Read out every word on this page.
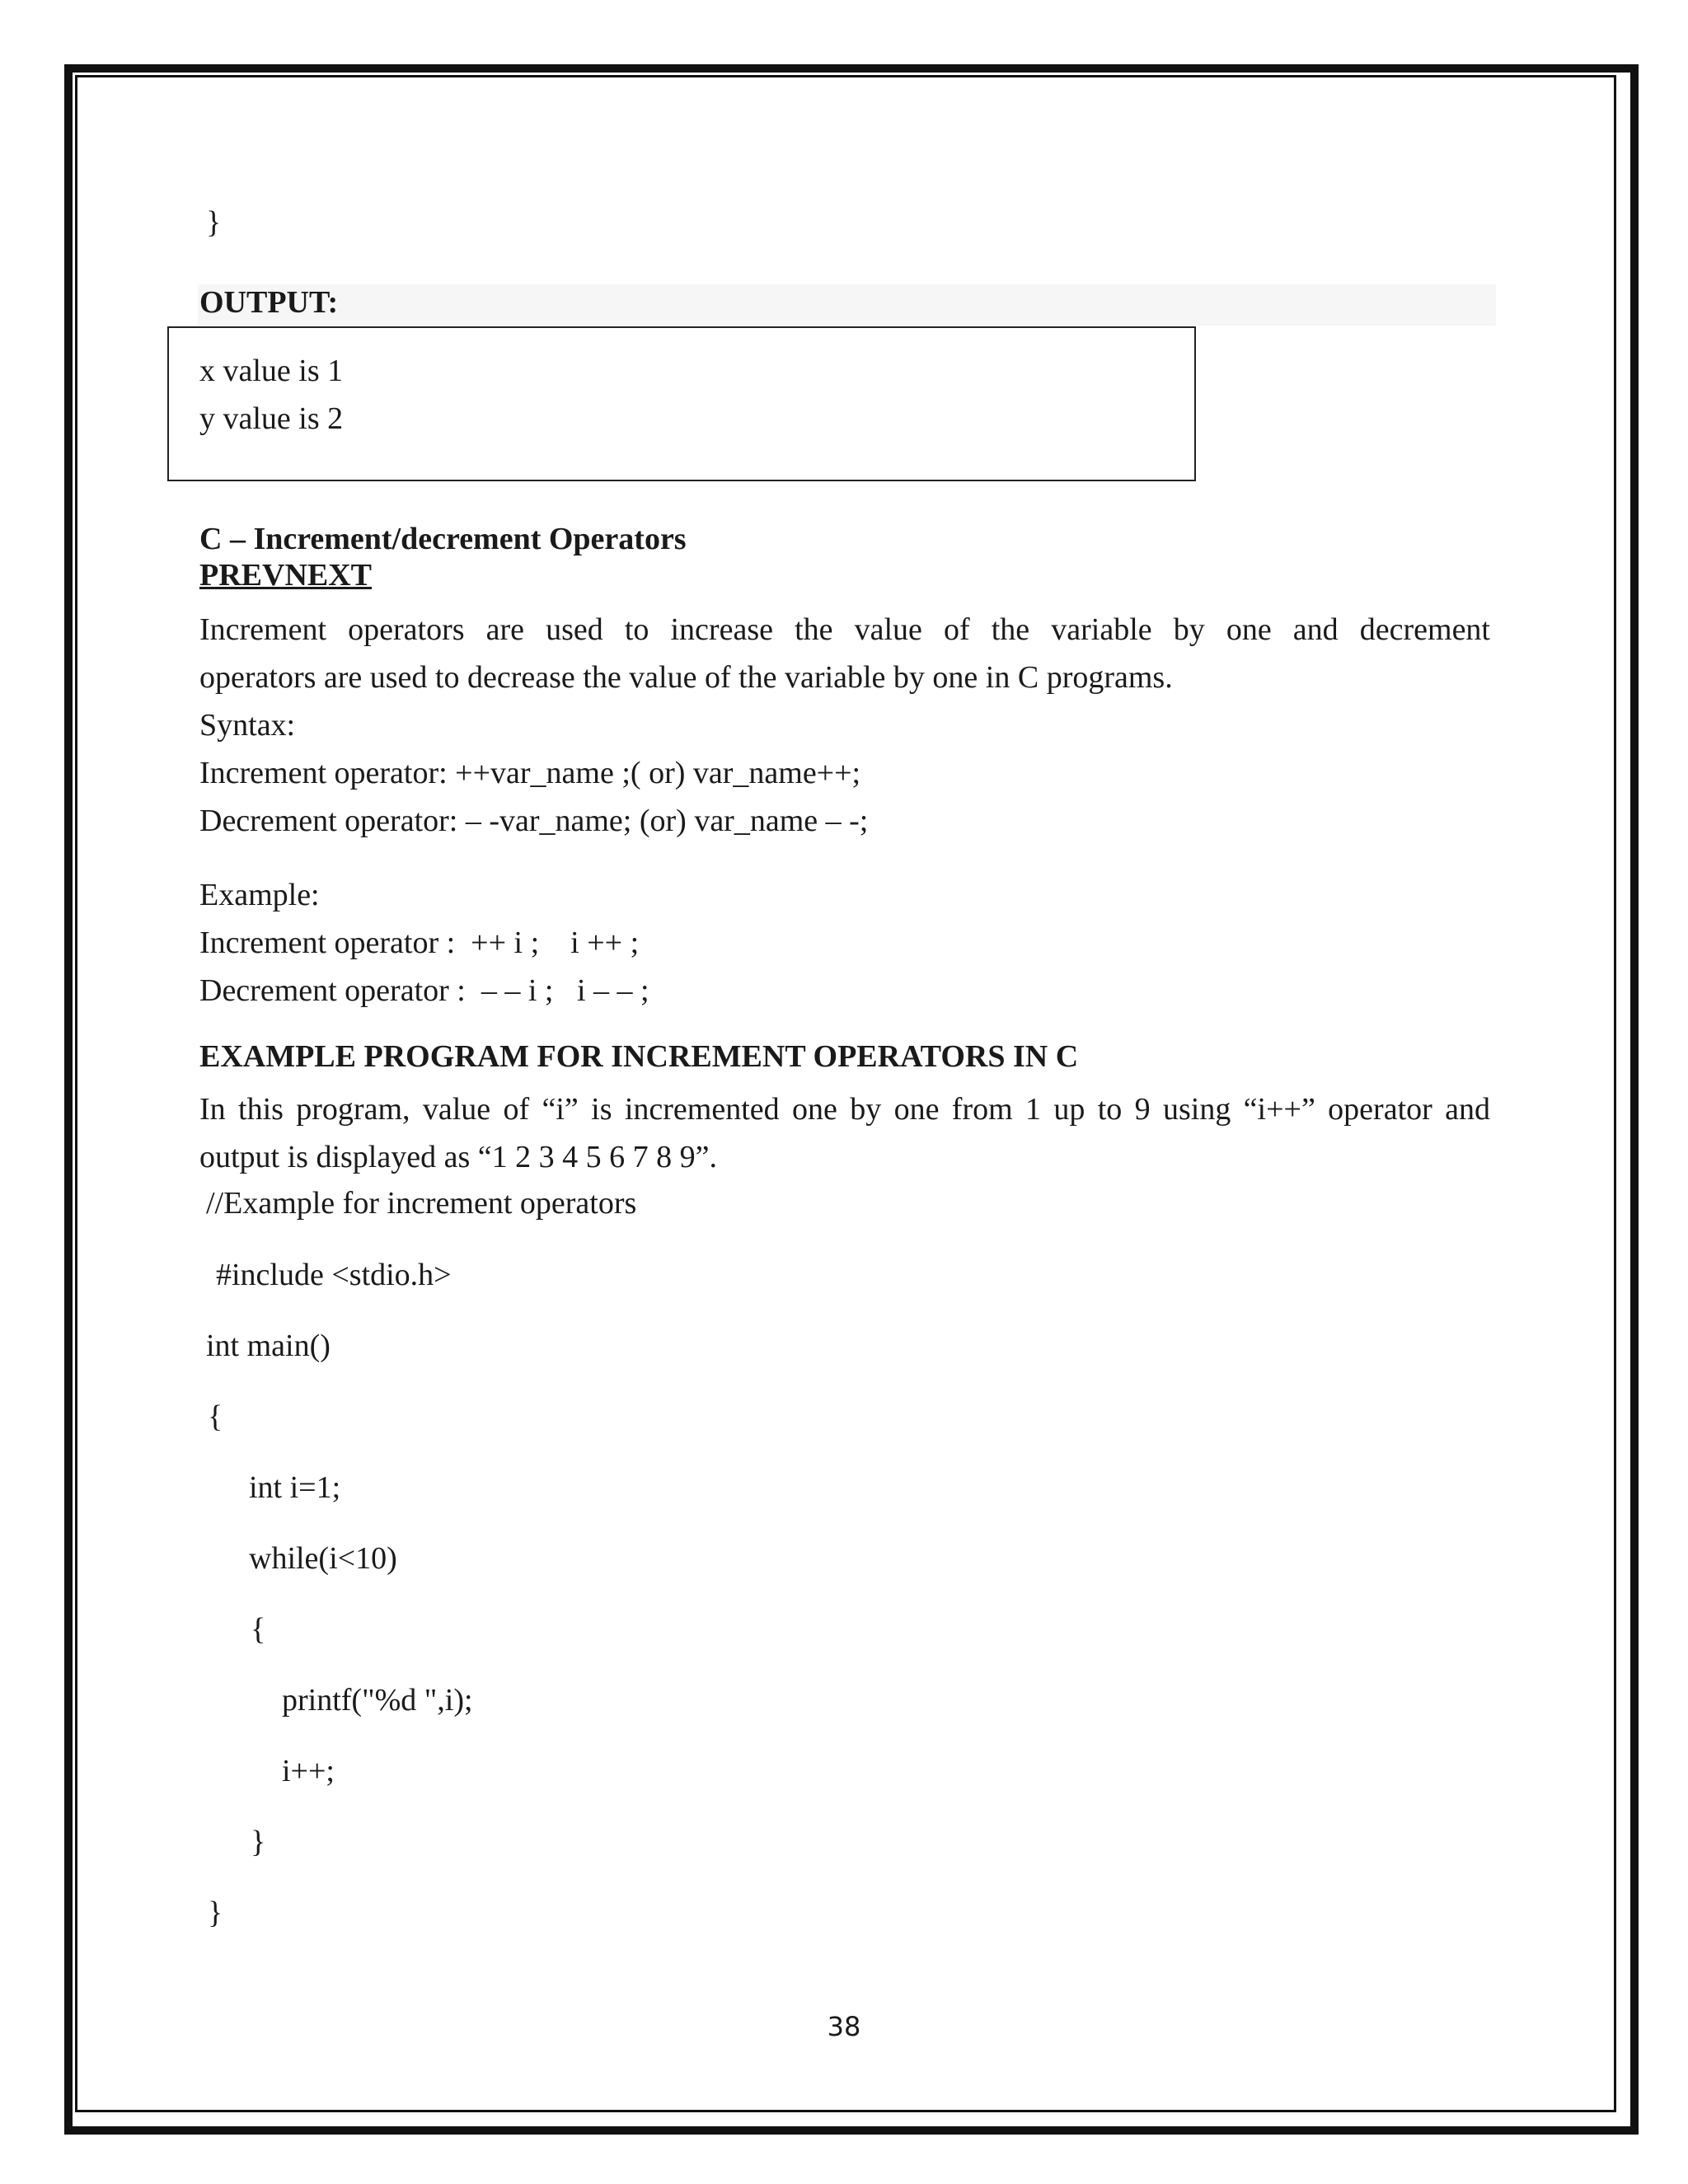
}
OUTPUT:
x value is 1
y value is 2
C – Increment/decrement Operators
PREVNEXT
Increment operators are used to increase the value of the variable by one and decrement
operators are used to decrease the value of the variable by one in C programs.
Syntax:
Increment operator: ++var_name ;( or) var_name++;
Decrement operator: – -var_name; (or) var_name – -;
Example:
Increment operator :  ++ i ;    i ++ ;
Decrement operator :  – – i ;   i – – ;
EXAMPLE PROGRAM FOR INCREMENT OPERATORS IN C
In this program, value of “i” is incremented one by one from 1 up to 9 using “i++” operator and
output is displayed as “1 2 3 4 5 6 7 8 9”.
//Example for increment operators
#include <stdio.h>
int main()
{
int i=1;
while(i<10)
{
printf("%d ",i);
i++;
}
}
38
